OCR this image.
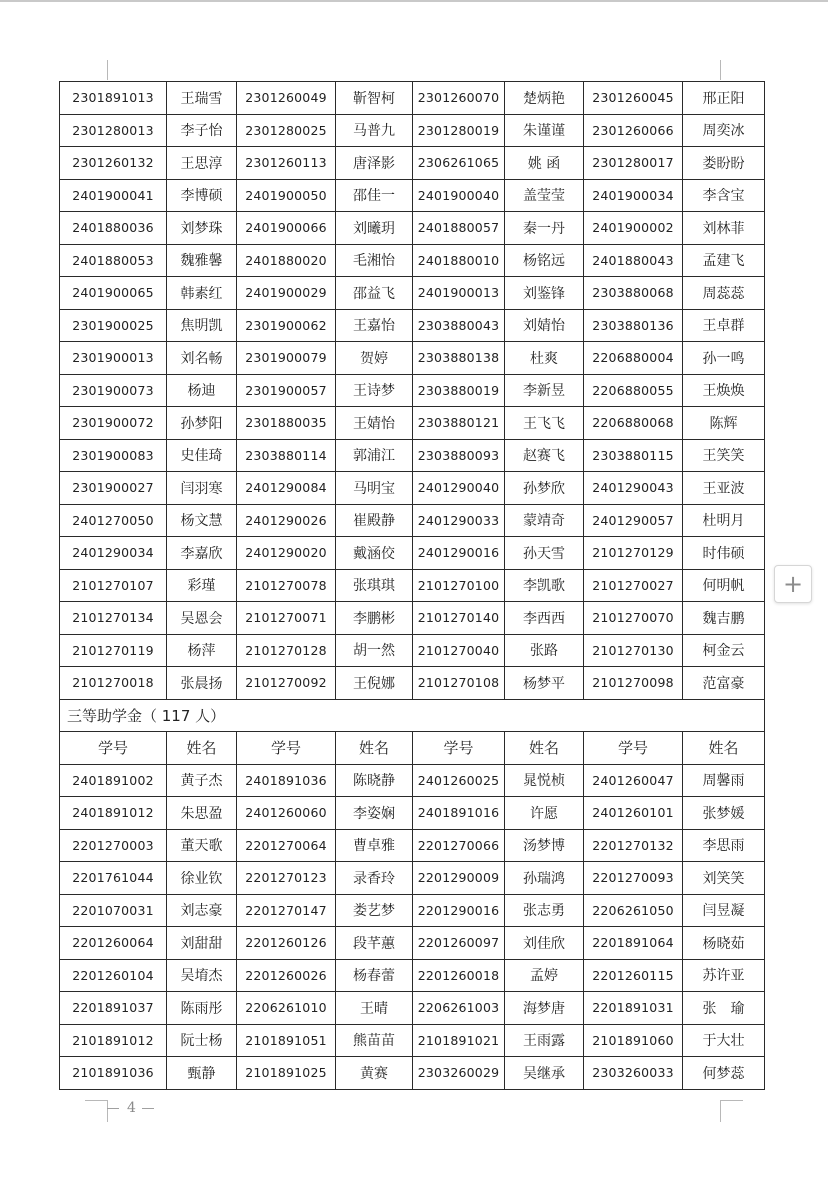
2301891013	王瑞雪	2301260049	靳智柯	2301260070	楚炳艳	2301260045	邢正阳
2301280013	李子怡	2301280025	马普九	2301280019	朱谨谨	2301260066	周奕冰
2301260132	王思淳	2301260113	唐泽影	2306261065	姚 函	2301280017	娄盼盼
2401900041	李博硕	2401900050	邵佳一	2401900040	盖莹莹	2401900034	李含宝
2401880036	刘梦珠	2401900066	刘曦玥	2401880057	秦一丹	2401900002	刘林菲
2401880053	魏雅馨	2401880020	毛湘怡	2401880010	杨铭远	2401880043	孟建飞
2401900065	韩素红	2401900029	邵益飞	2401900013	刘鉴锋	2303880068	周蕊蕊
2301900025	焦明凯	2301900062	王嘉怡	2303880043	刘婧怡	2303880136	王卓群
2301900013	刘名畅	2301900079	贺婷	2303880138	杜爽	2206880004	孙一鸣
2301900073	杨迪	2301900057	王诗梦	2303880019	李新昱	2206880055	王焕焕
2301900072	孙梦阳	2301880035	王婧怡	2303880121	王飞飞	2206880068	陈辉
2301900083	史佳琦	2303880114	郭浦江	2303880093	赵赛飞	2303880115	王笑笑
2301900027	闫羽寒	2401290084	马明宝	2401290040	孙梦欣	2401290043	王亚波
2401270050	杨文慧	2401290026	崔殿静	2401290033	蒙靖奇	2401290057	杜明月
2401290034	李嘉欣	2401290020	戴涵佼	2401290016	孙天雪	2101270129	时伟硕
2101270107	彩瑾	2101270078	张琪琪	2101270100	李凯歌	2101270027	何明帆
2101270134	吴恩会	2101270071	李鹏彬	2101270140	李西西	2101270070	魏吉鹏
2101270119	杨萍	2101270128	胡一然	2101270040	张路	2101270130	柯金云
2101270018	张晨扬	2101270092	王倪娜	2101270108	杨梦平	2101270098	范富豪
三等助学金（ 117 人）							
学号	姓名	学号	姓名	学号	姓名	学号	姓名
2401891002	黄子杰	2401891036	陈晓静	2401260025	晁悦桢	2401260047	周馨雨
2401891012	朱思盈	2401260060	李姿娴	2401891016	许愿	2401260101	张梦媛
2201270003	董天歌	2201270064	曹卓雅	2201270066	汤梦博	2201270132	李思雨
2201761044	徐业钦	2201270123	录香玲	2201290009	孙瑞鸿	2201270093	刘笑笑
2201070031	刘志豪	2201270147	娄艺梦	2201290016	张志勇	2206261050	闫昱凝
2201260064	刘甜甜	2201260126	段芊蕙	2201260097	刘佳欣	2201891064	杨晓茹
2201260104	吴堉杰	2201260026	杨春蕾	2201260018	孟婷	2201260115	苏许亚
2201891037	陈雨彤	2206261010	王晴	2206261003	海梦唐	2201891031	张　瑜
2101891012	阮士杨	2101891051	熊苗苗	2101891021	王雨露	2101891060	于大壮
2101891036	甄静	2101891025	黄赛	2303260029	吴继承	2303260033	何梦蕊
+
4
